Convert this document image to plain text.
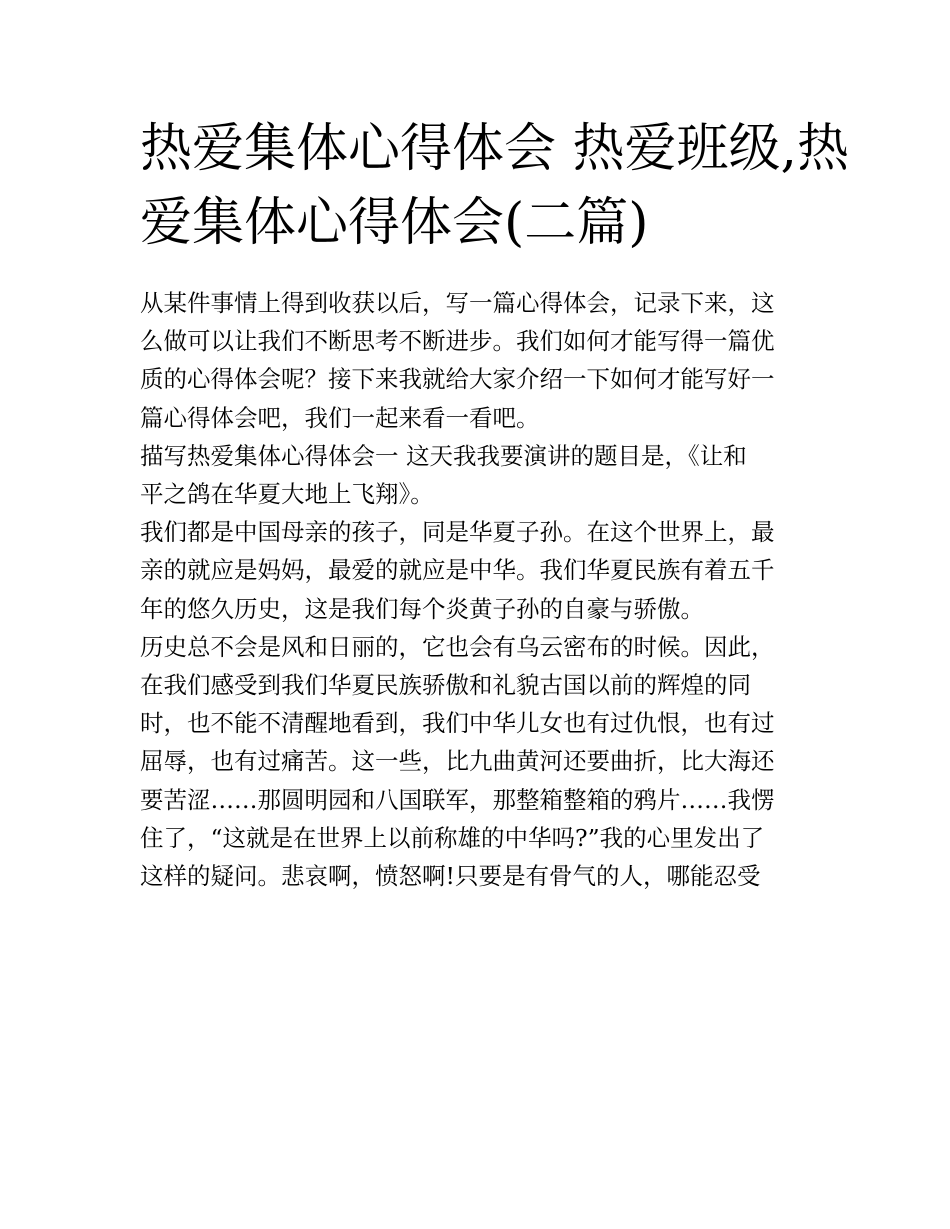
热爱集体心得体会 热爱班级,热
爱集体心得体会(二篇)

从某件事情上得到收获以后，写一篇心得体会，记录下来，这
么做可以让我们不断思考不断进步。我们如何才能写得一篇优
质的心得体会呢？接下来我就给大家介绍一下如何才能写好一
篇心得体会吧，我们一起来看一看吧。

描写热爱集体心得体会一 这天我我要演讲的题目是，《让和
平之鸽在华夏大地上飞翔》。

我们都是中国母亲的孩子，同是华夏子孙。在这个世界上，最
亲的就应是妈妈，最爱的就应是中华。我们华夏民族有着五千
年的悠久历史，这是我们每个炎黄子孙的自豪与骄傲。

历史总不会是风和日丽的，它也会有乌云密布的时候。因此，
在我们感受到我们华夏民族骄傲和礼貌古国以前的辉煌的同
时，也不能不清醒地看到，我们中华儿女也有过仇恨，也有过
屈辱，也有过痛苦。这一些，比九曲黄河还要曲折，比大海还
要苦涩……那圆明园和八国联军，那整箱整箱的鸦片……我愣
住了，“这就是在世界上以前称雄的中华吗?”我的心里发出了
这样的疑问。悲哀啊，愤怒啊!只要是有骨气的人，哪能忍受
